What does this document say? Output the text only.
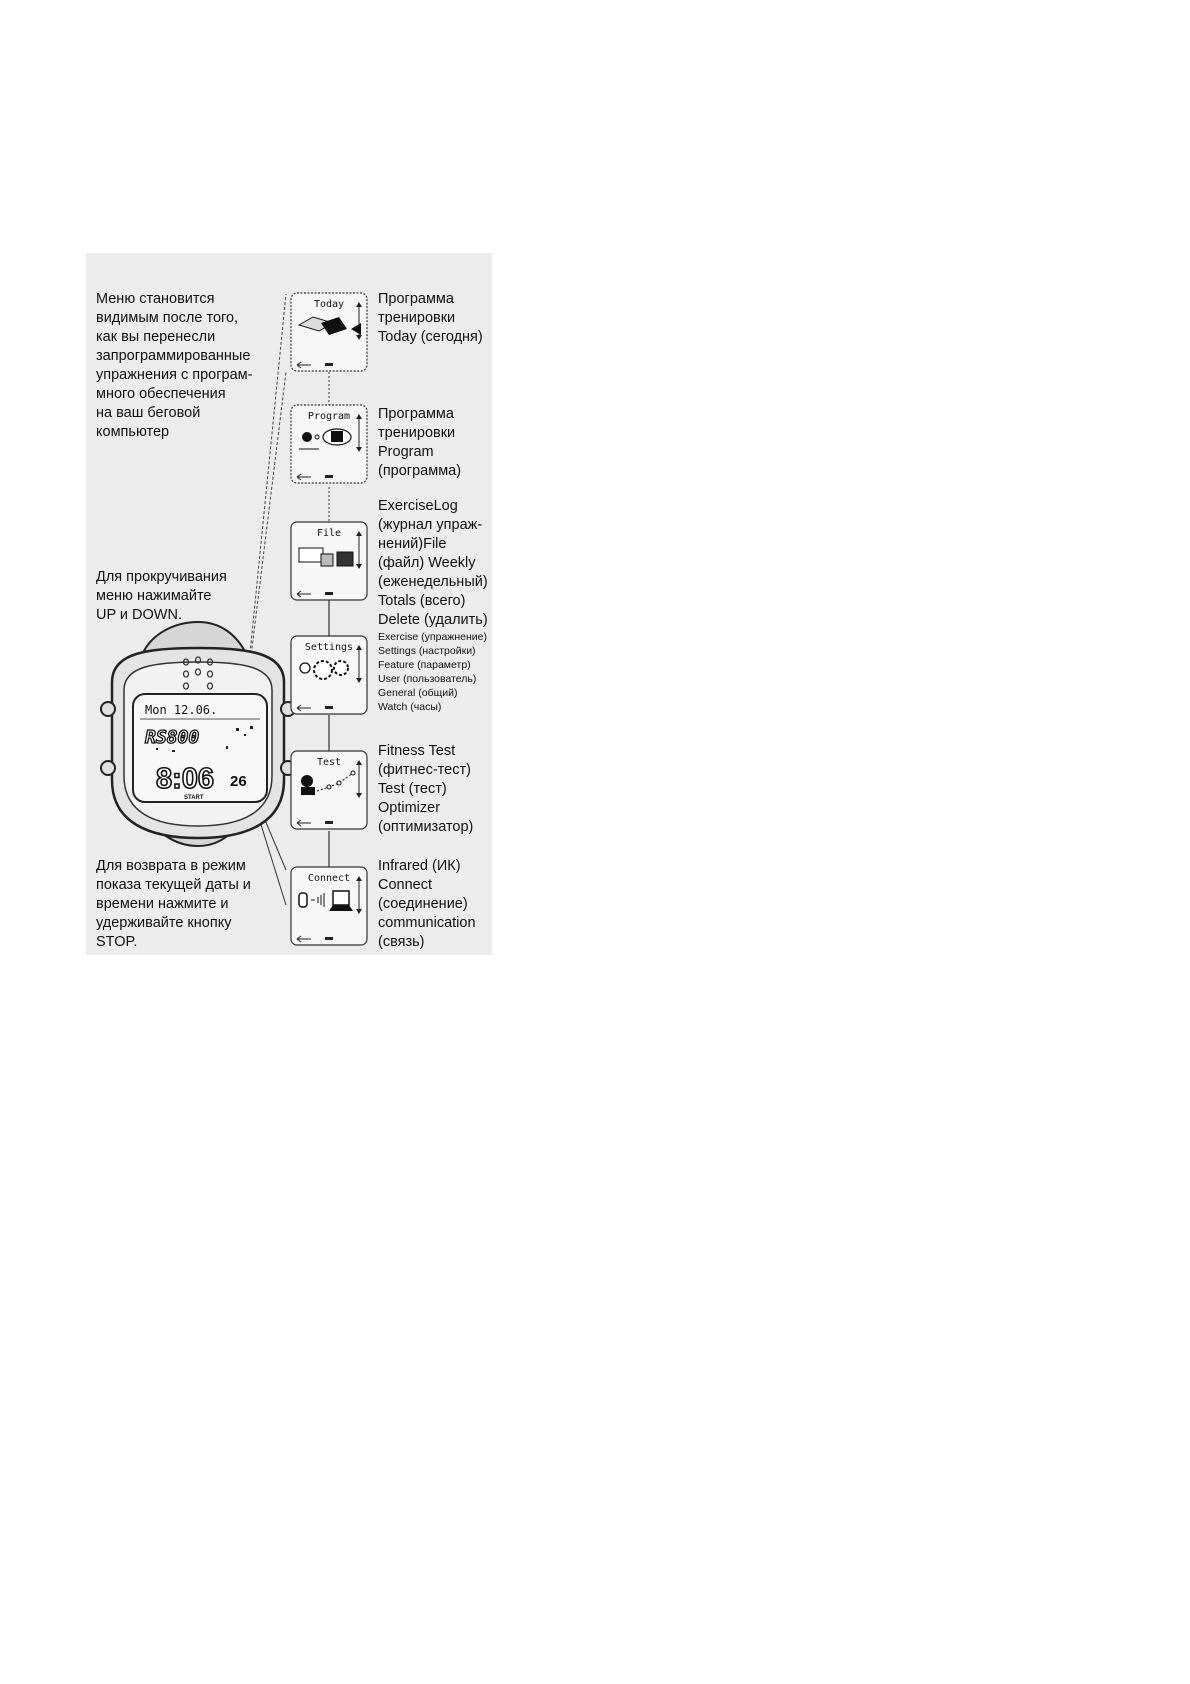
Меню становится
видимым после того,
как вы перенесли
запрограммированные
упражнения с програм-
много обеспечения
на ваш беговой
компьютер
Для прокручивания
меню нажимайте
UP и DOWN.
Для возврата в режим
показа текущей даты и
времени нажмите и
удерживайте кнопку
STOP.
Mon 12.06.
RS800
8:06 26
START
Today
Program
File
Settings
Test
Connect
Программа
тренировки
Today (сегодня)
Программа
тренировки
Program
(программа)
ExerciseLog
(журнал упраж-
нений)File
(файл) Weekly
(еженедельный)
Totals (всего)
Delete (удалить)
Exercise (упражнение)
Settings (настройки)
Feature (параметр)
User (пользователь)
General (общий)
Watch (часы)
Fitness Test
(фитнес-тест)
Test (тест)
Optimizer
(оптимизатор)
Infrared (ИК)
Connect
(соединение)
communication
(связь)
